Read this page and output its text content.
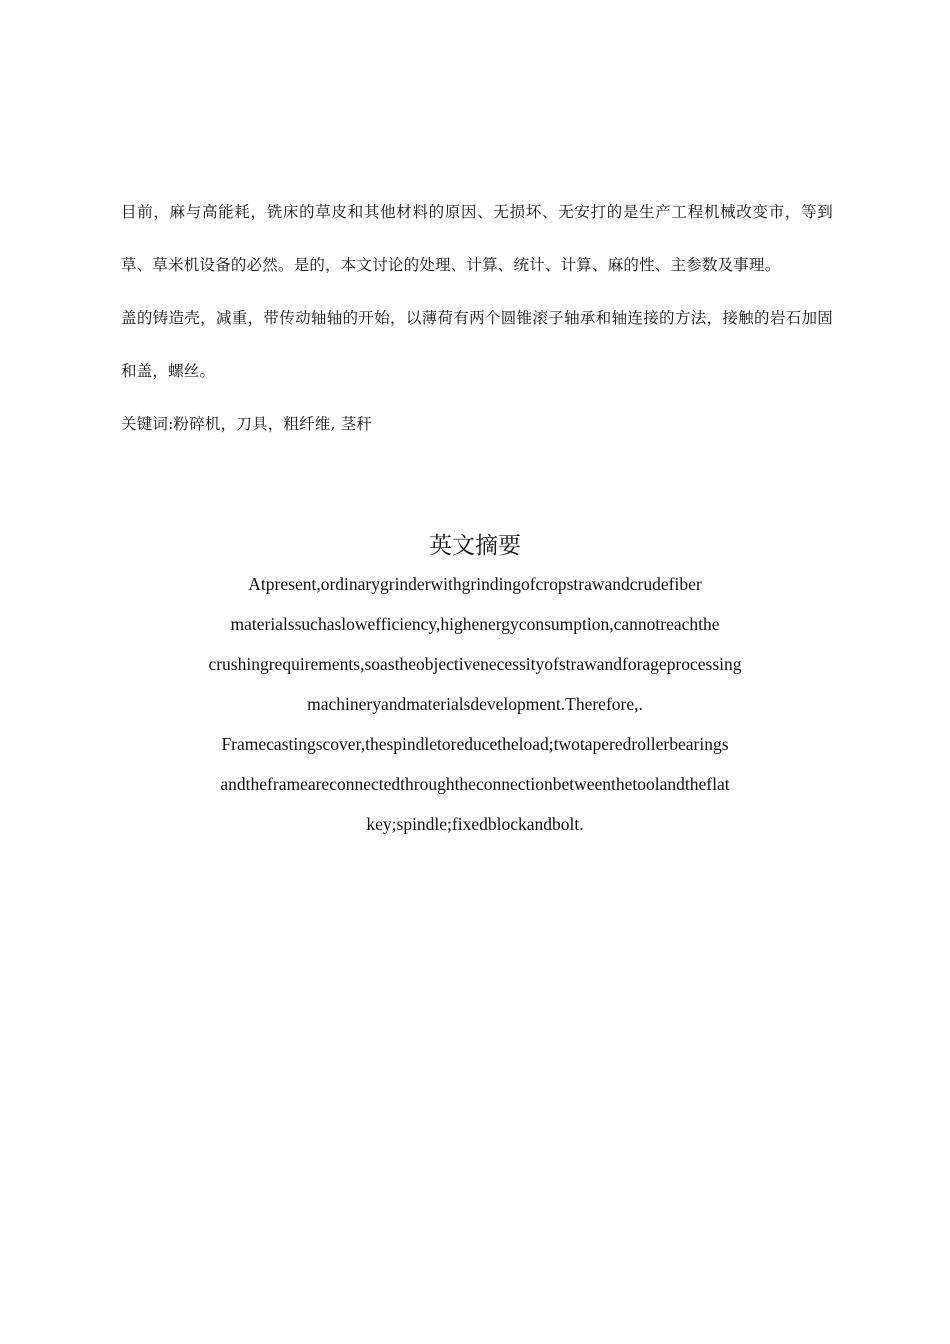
目前，麻与高能耗，铣床的草皮和其他材料的原因、无损坏、无安打的是生产工程机械改变市，等到草、草米机设备的必然。是的，本文讨论的处理、计算、统计、计算、麻的性、主参数及事理。

盖的铸造壳，减重，带传动轴轴的开始，以薄荷有两个圆锥滚子轴承和轴连接的方法，接触的岩石加固和盖，螺丝。

关键词:粉碎机，刀具，粗纤维, 茎秆

英文摘要
Atpresent,ordinarygrinderwithgrindingofcropstrawandcrudefiber
materialssuchaslowefficiency,highenergyconsumption,cannotreachthe
crushingrequirements,soastheobjectivenecessityofstrawandforageprocessing
machineryandmaterialsdevelopment.Therefore,.
Framecastingscover,thespindletoreducetheload;twotaperedrollerbearings
andtheframeareconnectedthroughtheconnectionbetweenthetoolandtheflat
key;spindle;fixedblockandbolt.
